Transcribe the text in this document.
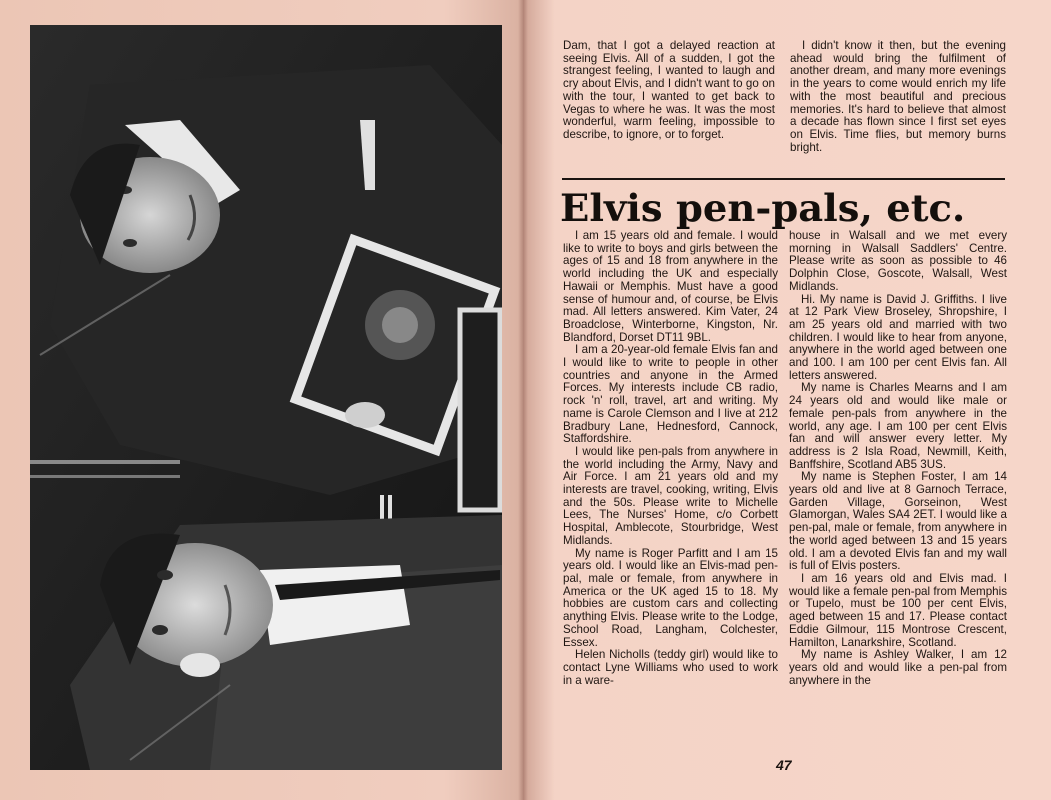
Dam, that I got a delayed reaction at seeing Elvis. All of a sudden, I got the strangest feeling, I wanted to laugh and cry about Elvis, and I didn't want to go on with the tour, I wanted to get back to Vegas to where he was. It was the most wonderful, warm feeling, impossible to describe, to ignore, or to forget.

I didn't know it then, but the evening ahead would bring the fulfilment of another dream, and many more evenings in the years to come would enrich my life with the most beautiful and precious memories. It's hard to believe that almost a decade has flown since I first set eyes on Elvis. Time flies, but memory burns bright.

Elvis pen-pals, etc.

I am 15 years old and female. I would like to write to boys and girls between the ages of 15 and 18 from anywhere in the world including the UK and especially Hawaii or Memphis. Must have a good sense of humour and, of course, be Elvis mad. All letters answered. Kim Vater, 24 Broadclose, Winterborne, Kingston, Nr. Blandford, Dorset DT11 9BL.

I am a 20-year-old female Elvis fan and I would like to write to people in other countries and anyone in the Armed Forces. My interests include CB radio, rock 'n' roll, travel, art and writing. My name is Carole Clemson and I live at 212 Bradbury Lane, Hednesford, Cannock, Staffordshire.

I would like pen-pals from anywhere in the world including the Army, Navy and Air Force. I am 21 years old and my interests are travel, cooking, writing, Elvis and the 50s. Please write to Michelle Lees, The Nurses' Home, c/o Corbett Hospital, Amblecote, Stourbridge, West Midlands.

My name is Roger Parfitt and I am 15 years old. I would like an Elvis-mad pen-pal, male or female, from anywhere in America or the UK aged 15 to 18. My hobbies are custom cars and collecting anything Elvis. Please write to the Lodge, School Road, Langham, Colchester, Essex.

Helen Nicholls (teddy girl) would like to contact Lyne Williams who used to work in a ware-

house in Walsall and we met every morning in Walsall Saddlers' Centre. Please write as soon as possible to 46 Dolphin Close, Goscote, Walsall, West Midlands.

Hi. My name is David J. Griffiths. I live at 12 Park View Broseley, Shropshire, I am 25 years old and married with two children. I would like to hear from anyone, anywhere in the world aged between one and 100. I am 100 per cent Elvis fan. All letters answered.

My name is Charles Mearns and I am 24 years old and would like male or female pen-pals from anywhere in the world, any age. I am 100 per cent Elvis fan and will answer every letter. My address is 2 Isla Road, Newmill, Keith, Banffshire, Scotland AB5 3US.

My name is Stephen Foster, I am 14 years old and live at 8 Garnoch Terrace, Garden Village, Gorseinon, West Glamorgan, Wales SA4 2ET. I would like a pen-pal, male or female, from anywhere in the world aged between 13 and 15 years old. I am a devoted Elvis fan and my wall is full of Elvis posters.

I am 16 years old and Elvis mad. I would like a female pen-pal from Memphis or Tupelo, must be 100 per cent Elvis, aged between 15 and 17. Please contact Eddie Gilmour, 115 Montrose Crescent, Hamilton, Lanarkshire, Scotland.

My name is Ashley Walker, I am 12 years old and would like a pen-pal from anywhere in the

47
